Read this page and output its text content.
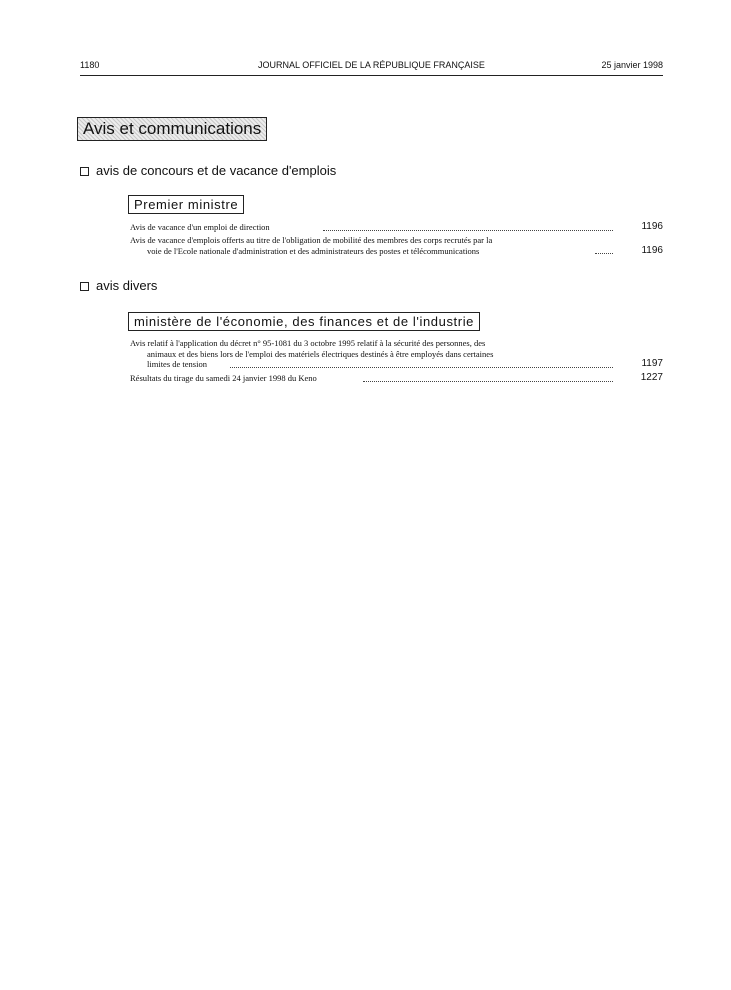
1180	JOURNAL OFFICIEL DE LA RÉPUBLIQUE FRANÇAISE	25 janvier 1998
Avis et communications
avis de concours et de vacance d'emplois
Premier ministre
Avis de vacance d'un emploi de direction	1196
Avis de vacance d'emplois offerts au titre de l'obligation de mobilité des membres des corps recrutés par la
voie de l'Ecole nationale d'administration et des administrateurs des postes et télécommunications	1196
avis divers
ministère de l'économie, des finances et de l'industrie
Avis relatif à l'application du décret n° 95-1081 du 3 octobre 1995 relatif à la sécurité des personnes, des
animaux et des biens lors de l'emploi des matériels électriques destinés à être employés dans certaines
limites de tension	1197
Résultats du tirage du samedi 24 janvier 1998 du Keno	1227
